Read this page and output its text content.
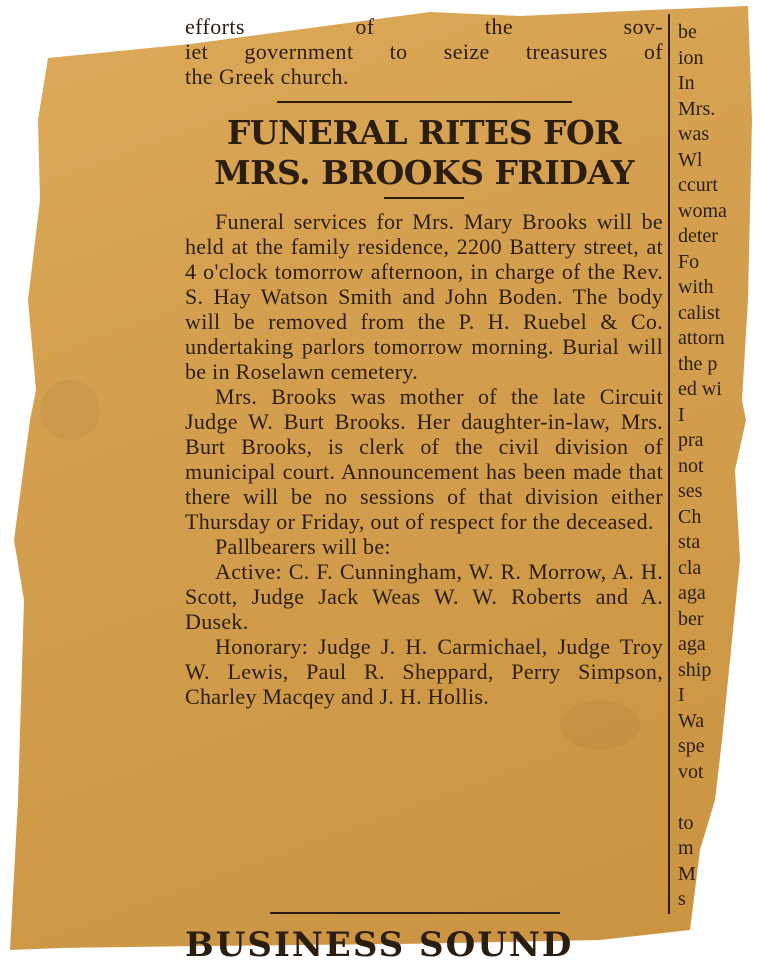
efforts of the sov-

iet government to seize treasures of

the Greek church.

FUNERAL RITES FOR
MRS. BROOKS FRIDAY

Funeral services for Mrs. Mary Brooks will be held at the family residence, 2200 Battery street, at 4 o'clock tomorrow afternoon, in charge of the Rev. S. Hay Watson Smith and John Boden. The body will be removed from the P. H. Ruebel & Co. undertaking parlors tomorrow morning. Burial will be in Roselawn cemetery.

Mrs. Brooks was mother of the late Circuit Judge W. Burt Brooks. Her daughter-in-law, Mrs. Burt Brooks, is clerk of the civil division of municipal court. Announcement has been made that there will be no sessions of that division either Thursday or Friday, out of respect for the deceased.

Pallbearers will be:

Active: C. F. Cunningham, W. R. Morrow, A. H. Scott, Judge Jack Weas W. W. Roberts and A. Dusek.

Honorary: Judge J. H. Carmichael, Judge Troy W. Lewis, Paul R. Sheppard, Perry Simpson, Charley Macqey and J. H. Hollis.

be
ion
In
Mrs.
was
Wl
ccurt
woma
deter
Fo
with
calist
attorn
the p
ed wi
I
pra
not
ses
Ch
sta
cla
aga
ber
aga
ship
I
Wa
spe
vot
to
m
M
s
BUSINESS SOUND
